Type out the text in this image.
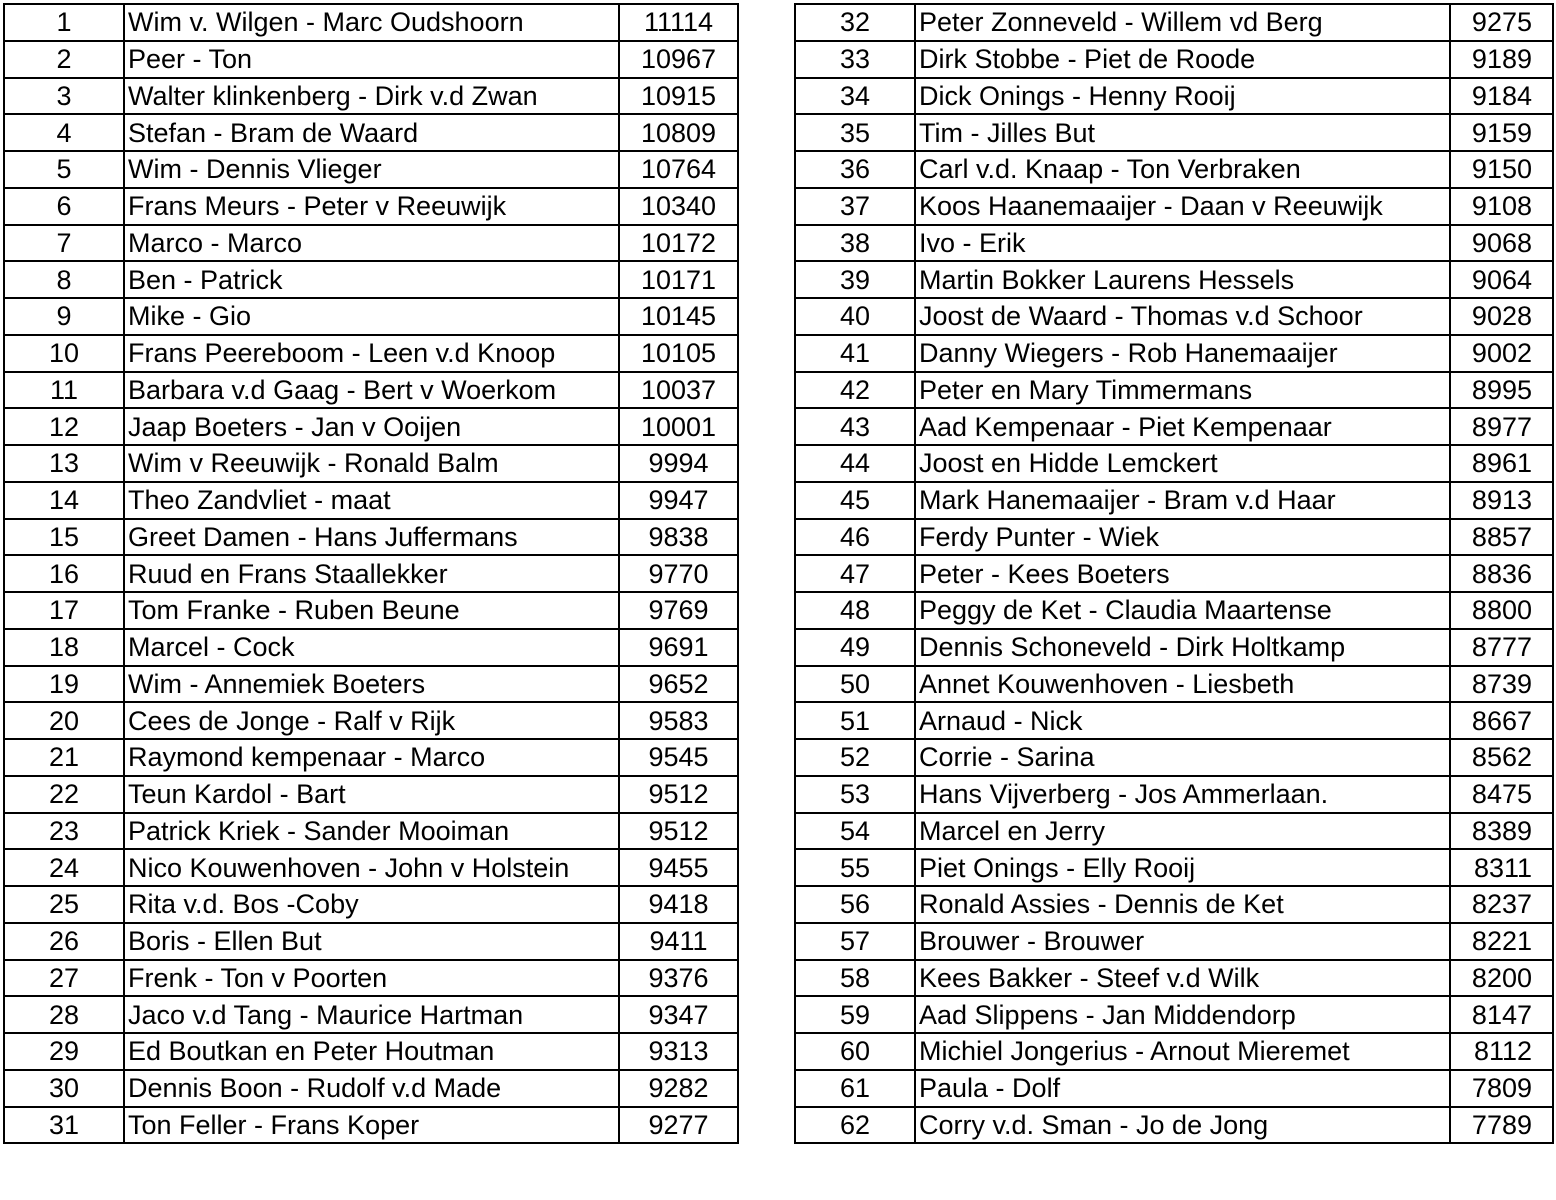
1	Wim v. Wilgen - Marc Oudshoorn	11114
2	Peer - Ton	10967
3	Walter klinkenberg - Dirk v.d Zwan	10915
4	Stefan - Bram de Waard	10809
5	Wim - Dennis Vlieger	10764
6	Frans Meurs - Peter v Reeuwijk	10340
7	Marco - Marco	10172
8	Ben - Patrick	10171
9	Mike - Gio	10145
10	Frans Peereboom - Leen v.d Knoop	10105
11	Barbara v.d Gaag - Bert v Woerkom	10037
12	Jaap Boeters - Jan v Ooijen	10001
13	Wim v Reeuwijk - Ronald Balm	9994
14	Theo Zandvliet - maat	9947
15	Greet Damen - Hans Juffermans	9838
16	Ruud en Frans Staallekker	9770
17	Tom Franke - Ruben Beune	9769
18	Marcel - Cock	9691
19	Wim - Annemiek Boeters	9652
20	Cees de Jonge - Ralf v Rijk	9583
21	Raymond kempenaar - Marco	9545
22	Teun Kardol - Bart	9512
23	Patrick Kriek - Sander Mooiman	9512
24	Nico Kouwenhoven - John v Holstein	9455
25	Rita v.d. Bos -Coby	9418
26	Boris - Ellen But	9411
27	Frenk - Ton v Poorten	9376
28	Jaco v.d Tang - Maurice Hartman	9347
29	Ed Boutkan en Peter Houtman	9313
30	Dennis Boon - Rudolf v.d Made	9282
31	Ton Feller - Frans Koper	9277
32	Peter Zonneveld - Willem vd Berg	9275
33	Dirk Stobbe - Piet de Roode	9189
34	Dick Onings - Henny Rooij	9184
35	Tim - Jilles But	9159
36	Carl v.d. Knaap - Ton Verbraken	9150
37	Koos Haanemaaijer - Daan v Reeuwijk	9108
38	Ivo - Erik	9068
39	Martin Bokker Laurens Hessels	9064
40	Joost de Waard - Thomas v.d Schoor	9028
41	Danny Wiegers - Rob Hanemaaijer	9002
42	Peter en Mary Timmermans	8995
43	Aad Kempenaar - Piet Kempenaar	8977
44	Joost en Hidde Lemckert	8961
45	Mark Hanemaaijer - Bram v.d Haar	8913
46	Ferdy Punter - Wiek	8857
47	Peter - Kees Boeters	8836
48	Peggy de Ket - Claudia Maartense	8800
49	Dennis Schoneveld - Dirk Holtkamp	8777
50	Annet Kouwenhoven - Liesbeth	8739
51	Arnaud - Nick	8667
52	Corrie - Sarina	8562
53	Hans Vijverberg - Jos Ammerlaan.	8475
54	Marcel en Jerry	8389
55	Piet Onings - Elly Rooij	8311
56	Ronald Assies - Dennis de Ket	8237
57	Brouwer - Brouwer	8221
58	Kees Bakker - Steef v.d Wilk	8200
59	Aad Slippens - Jan Middendorp	8147
60	Michiel Jongerius - Arnout Mieremet	8112
61	Paula - Dolf	7809
62	Corry v.d. Sman - Jo de Jong	7789
